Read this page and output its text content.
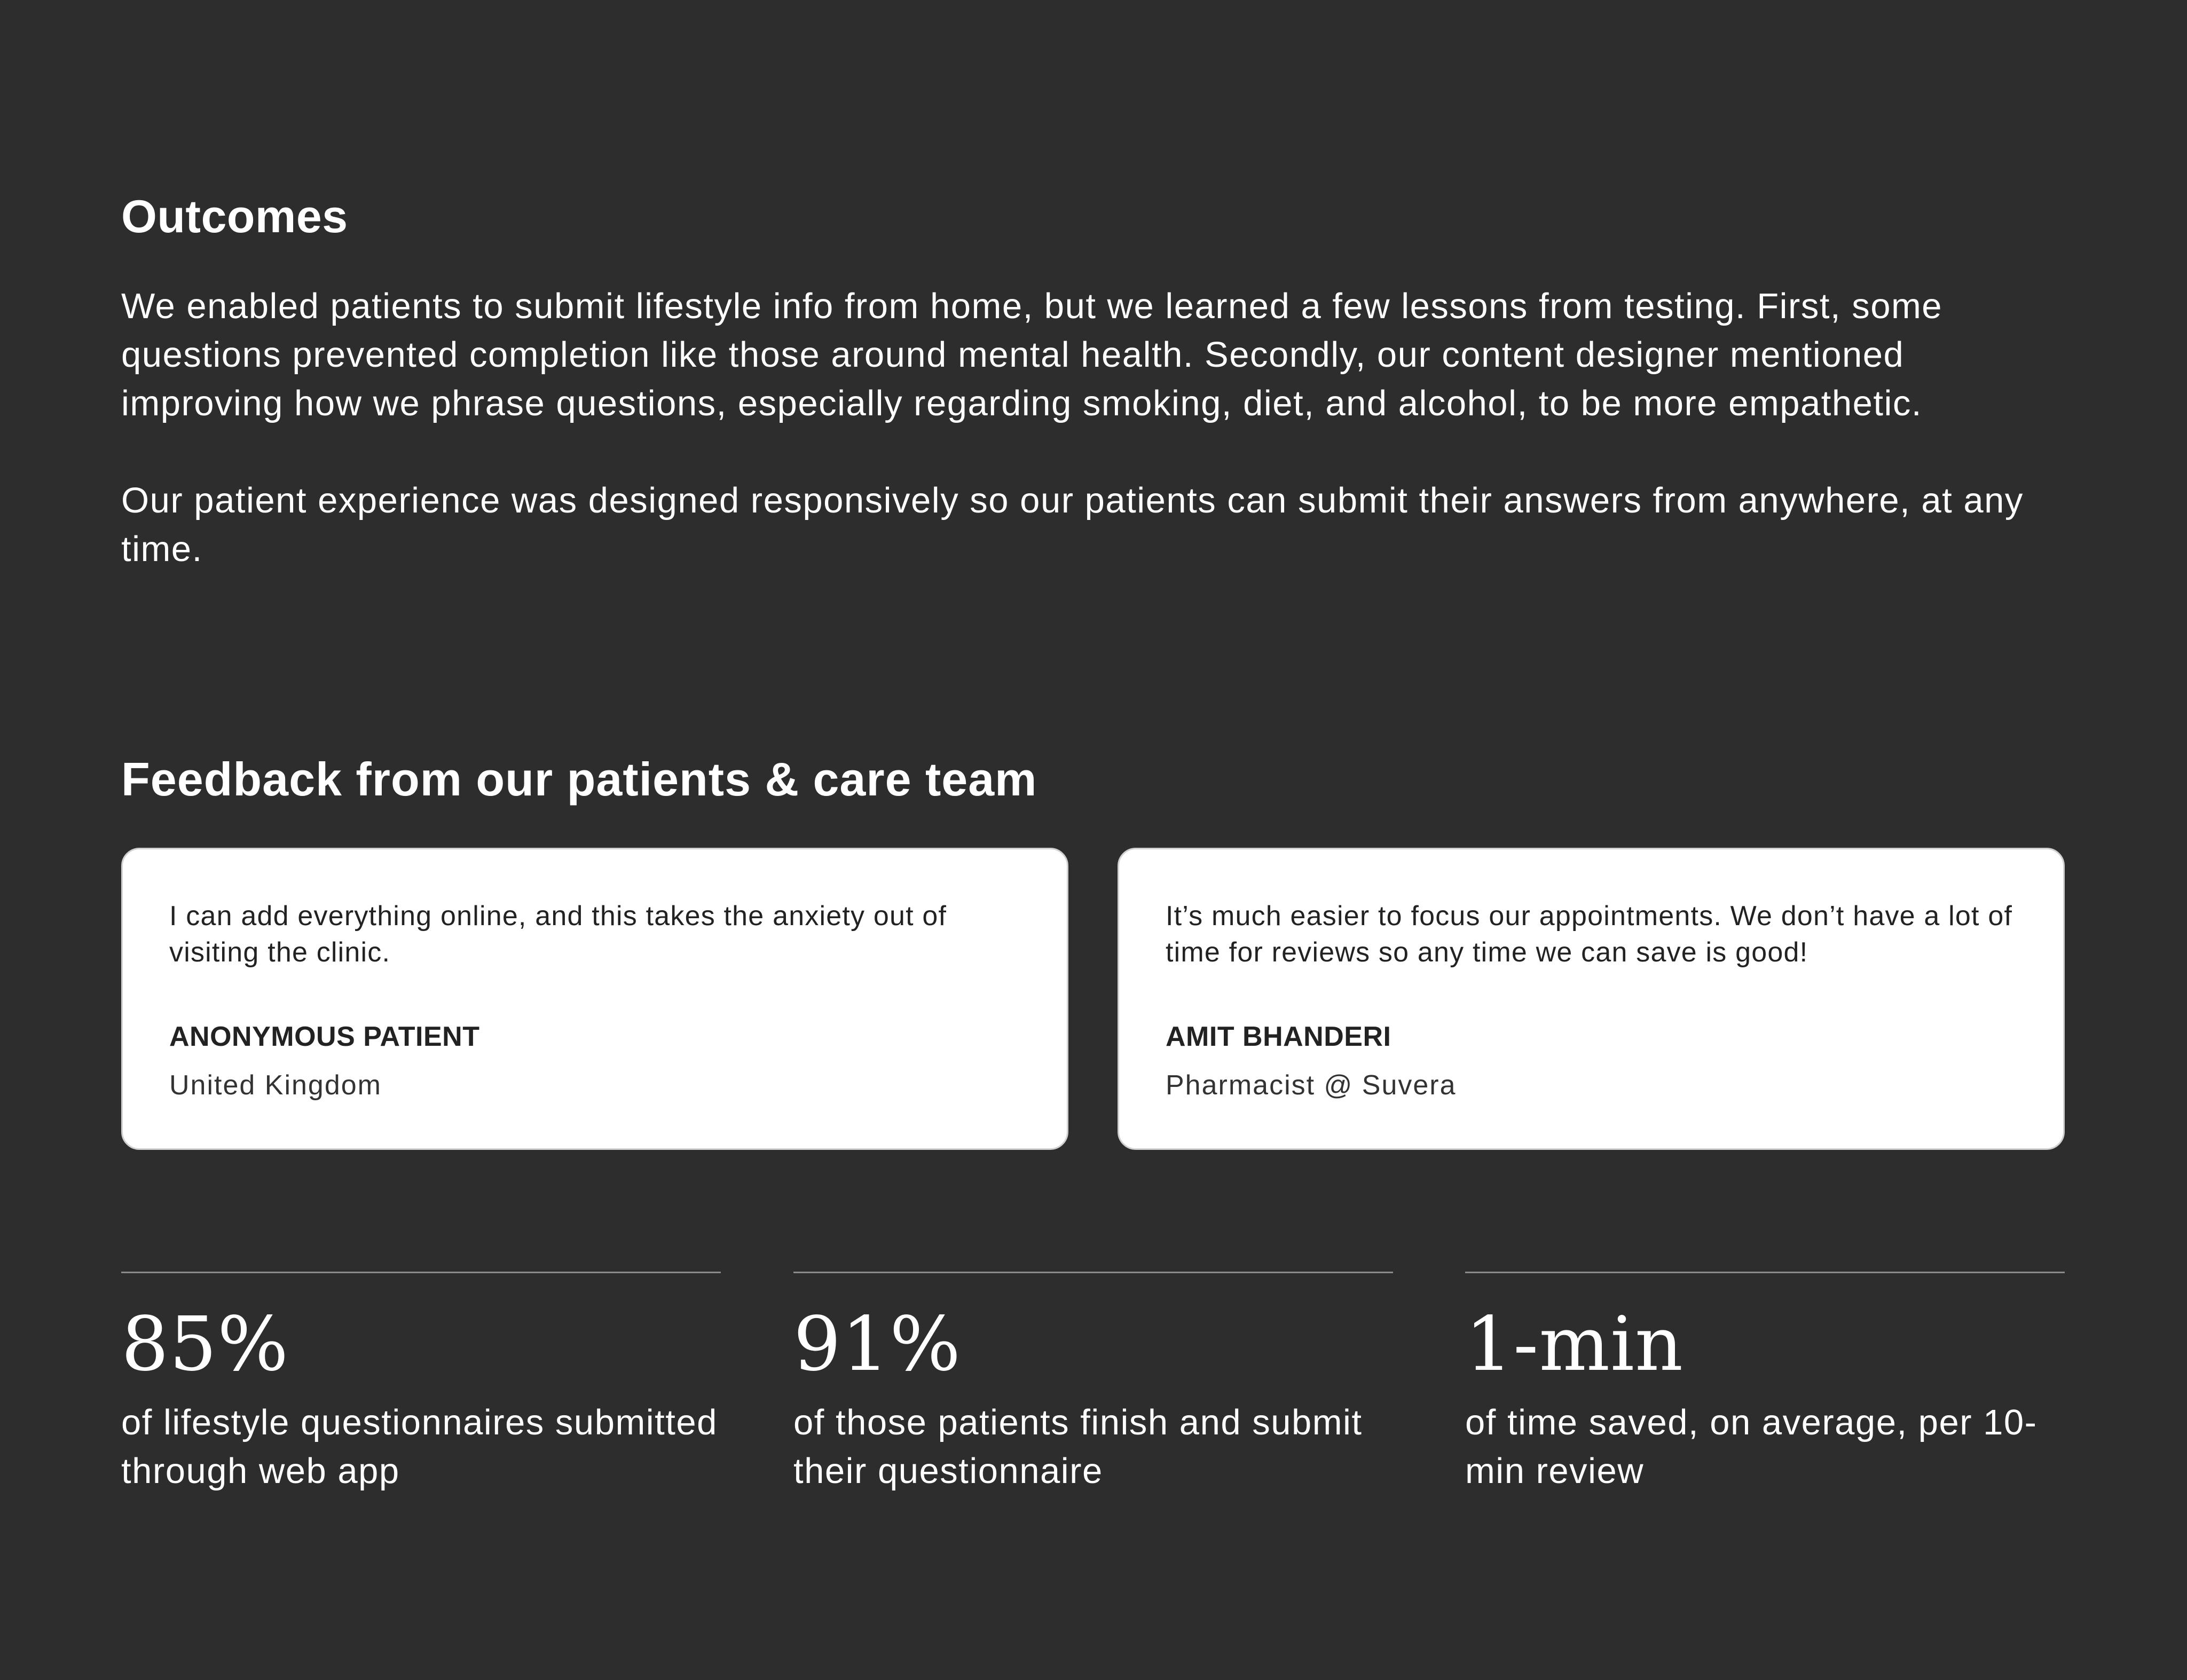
Outcomes

We enabled patients to submit lifestyle info from home, but we learned a few lessons from testing. First, some questions prevented completion like those around mental health. Secondly, our content designer mentioned improving how we phrase questions, especially regarding smoking, diet, and alcohol, to be more empathetic.

Our patient experience was designed responsively so our patients can submit their answers from anywhere, at any time.

Feedback from our patients & care team

I can add everything online, and this takes the anxiety out of visiting the clinic.

ANONYMOUS PATIENT

United Kingdom

It’s much easier to focus our appointments. We don’t have a lot of time for reviews so any time we can save is good!

AMIT BHANDERI

Pharmacist @ Suvera

85%

of lifestyle questionnaires submitted through web app

91%

of those patients finish and submit their questionnaire

1-min

of time saved, on average, per 10-min review
